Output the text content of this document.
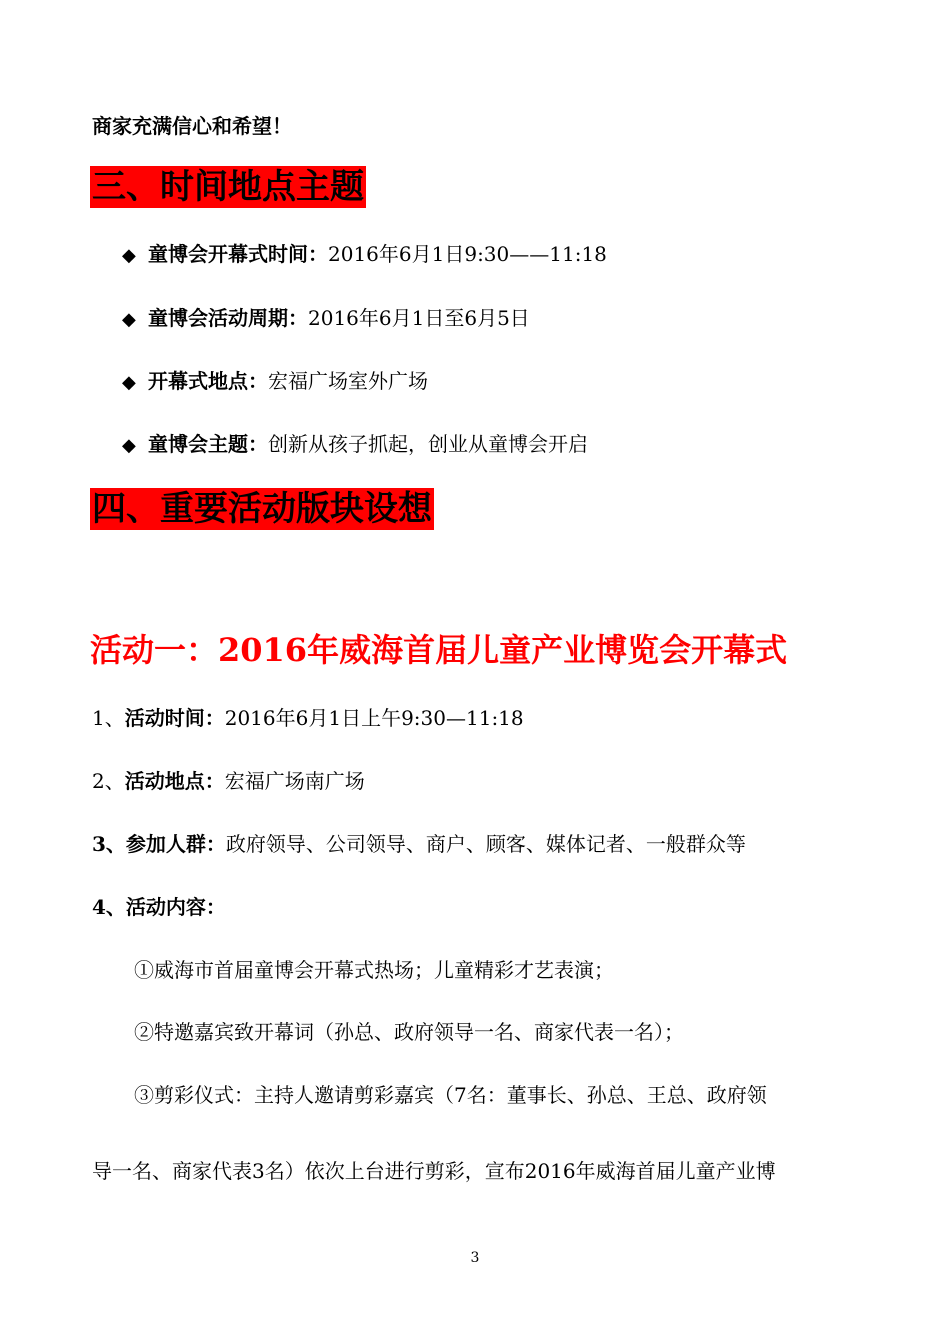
商家充满信心和希望！
三、时间地点主题
◆ 童博会开幕式时间：2016年6月1日9:30——11:18
◆ 童博会活动周期：2016年6月1日至6月5日
◆ 开幕式地点：宏福广场室外广场
◆ 童博会主题：创新从孩子抓起，创业从童博会开启
四、重要活动版块设想
活动一：2016年威海首届儿童产业博览会开幕式
1、活动时间：2016年6月1日上午9:30—11:18
2、活动地点：宏福广场南广场
3、参加人群：政府领导、公司领导、商户、顾客、媒体记者、一般群众等
4、活动内容：
①威海市首届童博会开幕式热场；儿童精彩才艺表演；
②特邀嘉宾致开幕词（孙总、政府领导一名、商家代表一名）；
③剪彩仪式：主持人邀请剪彩嘉宾（7名：董事长、孙总、王总、政府领
导一名、商家代表3名）依次上台进行剪彩，宣布2016年威海首届儿童产业博
3
